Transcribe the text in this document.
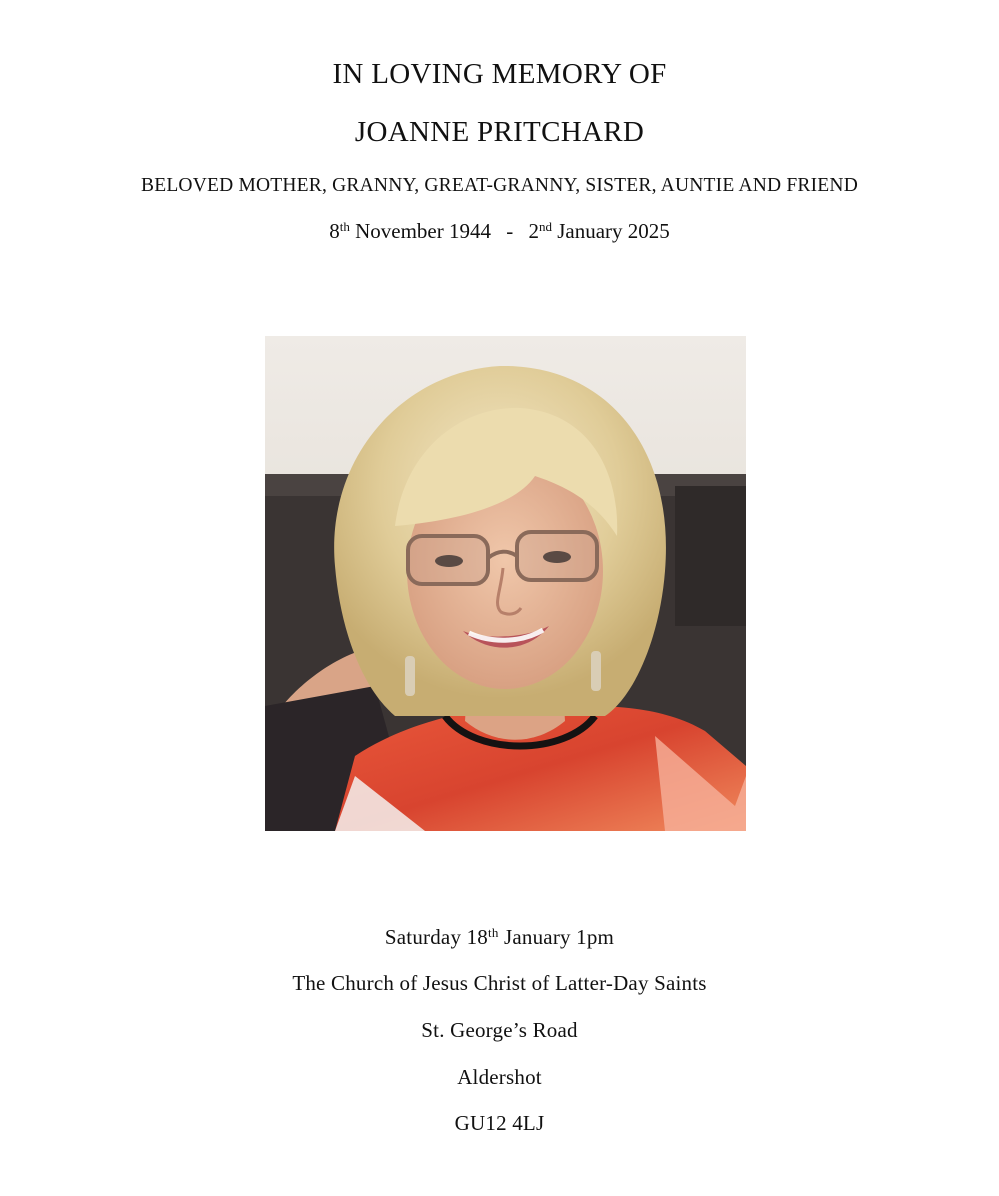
IN LOVING MEMORY OF
JOANNE PRITCHARD
BELOVED MOTHER, GRANNY, GREAT-GRANNY, SISTER, AUNTIE AND FRIEND
8th November 1944 - 2nd January 2025
Saturday 18th January 1pm
The Church of Jesus Christ of Latter-Day Saints
St. George’s Road
Aldershot
GU12 4LJ
